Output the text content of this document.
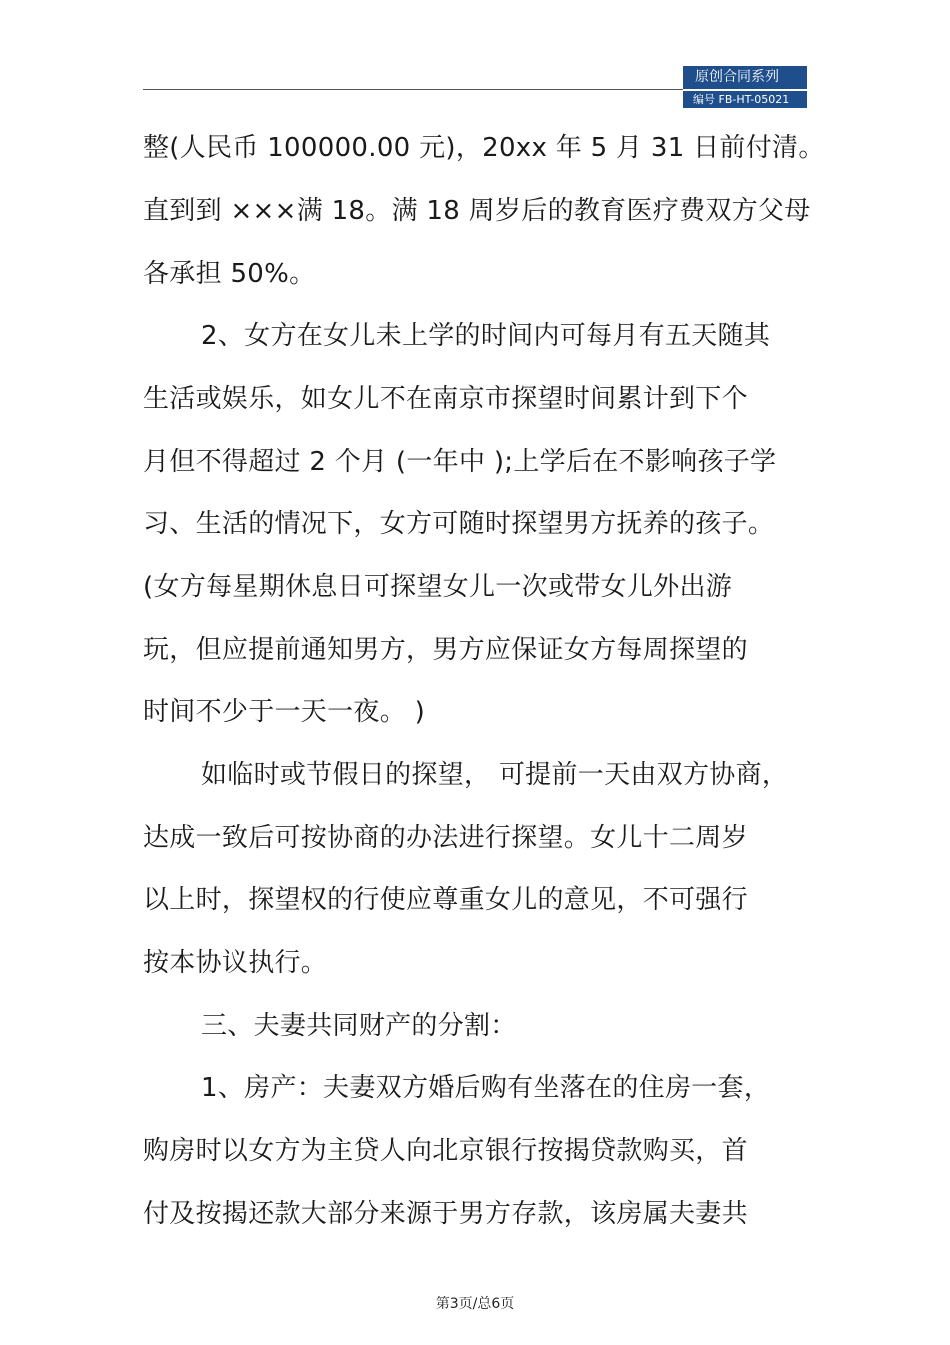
原创合同系列
编号 FB-HT-05021
整(人民币 100000.00 元)，20xx 年 5 月 31 日前付清。
直到到 ×××满 18。满 18 周岁后的教育医疗费双方父母
各承担 50%。
2、女方在女儿未上学的时间内可每月有五天随其
生活或娱乐，如女儿不在南京市探望时间累计到下个
月但不得超过 2 个月 (一年中 );上学后在不影响孩子学
习、生活的情况下，女方可随时探望男方抚养的孩子。
(女方每星期休息日可探望女儿一次或带女儿外出游
玩，但应提前通知男方，男方应保证女方每周探望的
时间不少于一天一夜。 )
如临时或节假日的探望， 可提前一天由双方协商，
达成一致后可按协商的办法进行探望。女儿十二周岁
以上时，探望权的行使应尊重女儿的意见，不可强行
按本协议执行。
三、夫妻共同财产的分割：
1、房产：夫妻双方婚后购有坐落在的住房一套，
购房时以女方为主贷人向北京银行按揭贷款购买，首
付及按揭还款大部分来源于男方存款，该房属夫妻共
第3页/总6页
